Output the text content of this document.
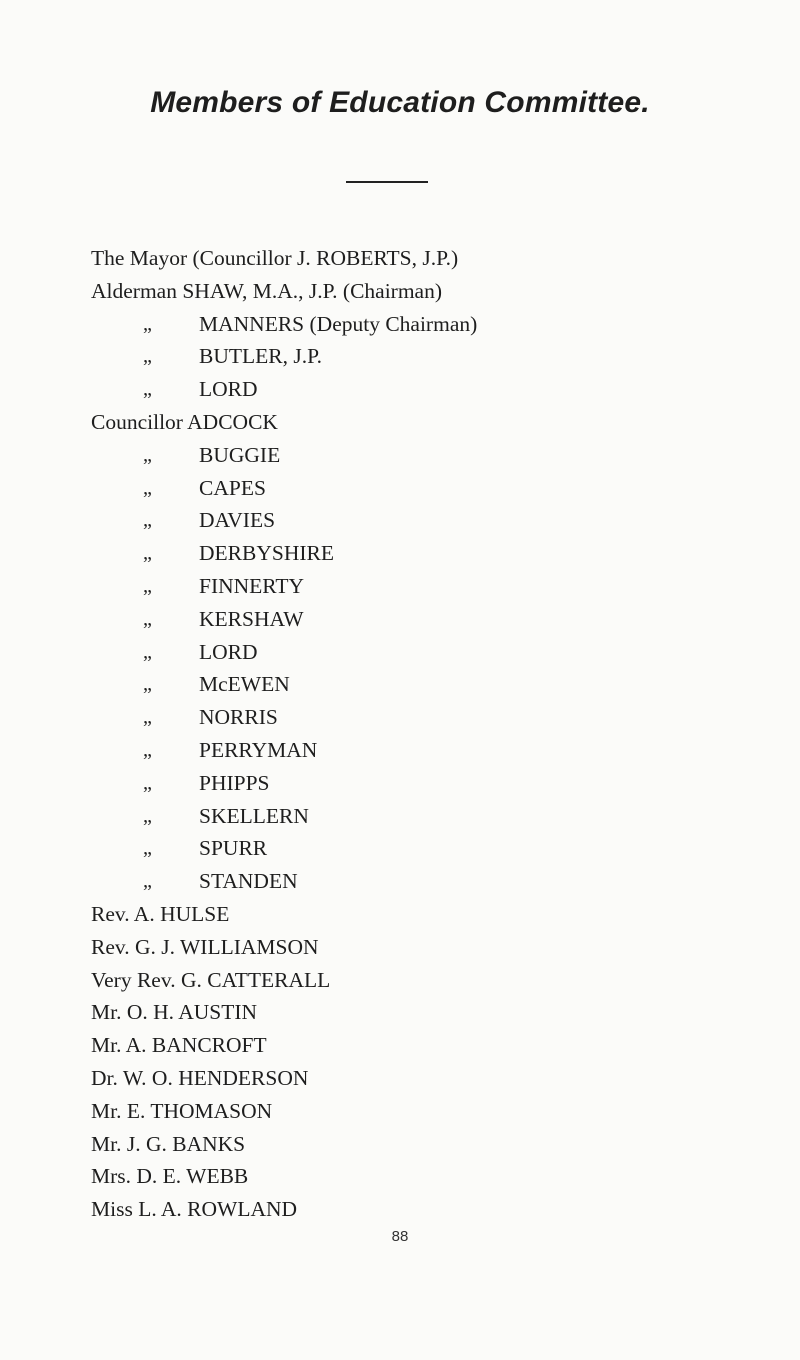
Members of Education Committee.
The Mayor (Councillor J. ROBERTS, J.P.)
Alderman SHAW, M.A., J.P. (Chairman)
„ MANNERS (Deputy Chairman)
„ BUTLER, J.P.
„ LORD
Councillor ADCOCK
„ BUGGIE
„ CAPES
„ DAVIES
„ DERBYSHIRE
„ FINNERTY
„ KERSHAW
„ LORD
„ McEWEN
„ NORRIS
„ PERRYMAN
„ PHIPPS
„ SKELLERN
„ SPURR
„ STANDEN
Rev. A. HULSE
Rev. G. J. WILLIAMSON
Very Rev. G. CATTERALL
Mr. O. H. AUSTIN
Mr. A. BANCROFT
Dr. W. O. HENDERSON
Mr. E. THOMASON
Mr. J. G. BANKS
Mrs. D. E. WEBB
Miss L. A. ROWLAND
88
